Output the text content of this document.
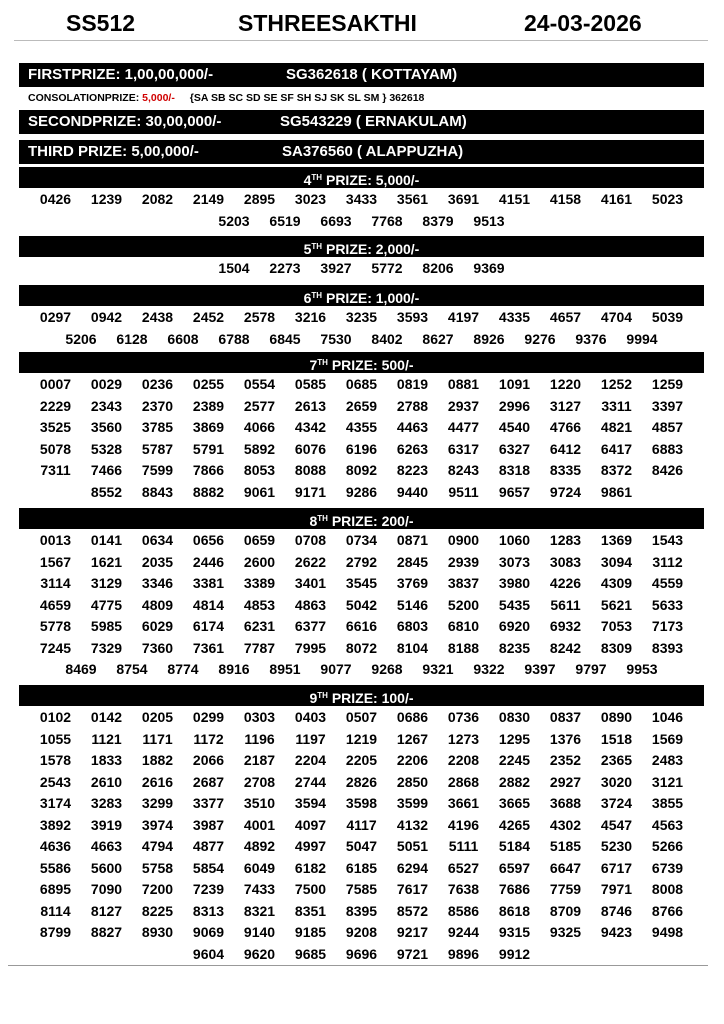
SS512	STHREESAKTHI	24-03-2026
FIRSTPRIZE: 1,00,00,000/-	SG362618 ( KOTTAYAM)
CONSOLATIONPRIZE: 5,000/- {SA SB SC SD SE SF SH SJ SK SL SM } 362618
SECONDPRIZE: 30,00,000/-	SG543229 ( ERNAKULAM)
THIRD PRIZE: 5,00,000/-	SA376560 ( ALAPPUZHA)
4TH PRIZE: 5,000/-
0426	1239	2082	2149	2895	3023	3433	3561	3691	4151	4158	4161	5023
5203	6519	6693	7768	8379	9513
5TH PRIZE: 2,000/-
1504	2273	3927	5772	8206	9369
6TH PRIZE: 1,000/-
0297	0942	2438	2452	2578	3216	3235	3593	4197	4335	4657	4704	5039
5206	6128	6608	6788	6845	7530	8402	8627	8926	9276	9376	9994
7TH PRIZE: 500/-
0007	0029	0236	0255	0554	0585	0685	0819	0881	1091	1220	1252	1259
2229	2343	2370	2389	2577	2613	2659	2788	2937	2996	3127	3311	3397
3525	3560	3785	3869	4066	4342	4355	4463	4477	4540	4766	4821	4857
5078	5328	5787	5791	5892	6076	6196	6263	6317	6327	6412	6417	6883
7311	7466	7599	7866	8053	8088	8092	8223	8243	8318	8335	8372	8426
8552	8843	8882	9061	9171	9286	9440	9511	9657	9724	9861
8TH PRIZE: 200/-
0013	0141	0634	0656	0659	0708	0734	0871	0900	1060	1283	1369	1543
1567	1621	2035	2446	2600	2622	2792	2845	2939	3073	3083	3094	3112
3114	3129	3346	3381	3389	3401	3545	3769	3837	3980	4226	4309	4559
4659	4775	4809	4814	4853	4863	5042	5146	5200	5435	5611	5621	5633
5778	5985	6029	6174	6231	6377	6616	6803	6810	6920	6932	7053	7173
7245	7329	7360	7361	7787	7995	8072	8104	8188	8235	8242	8309	8393
8469	8754	8774	8916	8951	9077	9268	9321	9322	9397	9797	9953
9TH PRIZE: 100/-
0102	0142	0205	0299	0303	0403	0507	0686	0736	0830	0837	0890	1046
1055	1121	1171	1172	1196	1197	1219	1267	1273	1295	1376	1518	1569
1578	1833	1882	2066	2187	2204	2205	2206	2208	2245	2352	2365	2483
2543	2610	2616	2687	2708	2744	2826	2850	2868	2882	2927	3020	3121
3174	3283	3299	3377	3510	3594	3598	3599	3661	3665	3688	3724	3855
3892	3919	3974	3987	4001	4097	4117	4132	4196	4265	4302	4547	4563
4636	4663	4794	4877	4892	4997	5047	5051	5111	5184	5185	5230	5266
5586	5600	5758	5854	6049	6182	6185	6294	6527	6597	6647	6717	6739
6895	7090	7200	7239	7433	7500	7585	7617	7638	7686	7759	7971	8008
8114	8127	8225	8313	8321	8351	8395	8572	8586	8618	8709	8746	8766
8799	8827	8930	9069	9140	9185	9208	9217	9244	9315	9325	9423	9498
9604	9620	9685	9696	9721	9896	9912
